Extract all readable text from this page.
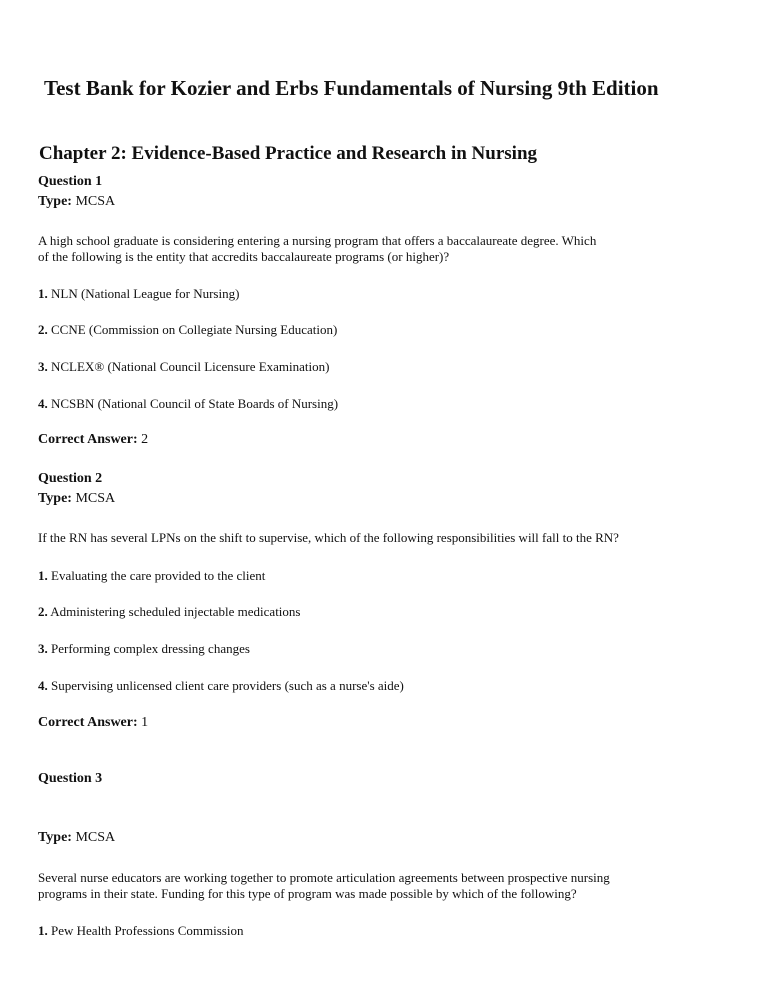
Test Bank for Kozier and Erbs Fundamentals of Nursing 9th Edition
Chapter 2: Evidence-Based Practice and Research in Nursing

Question 1

Type: MCSA

A high school graduate is considering entering a nursing program that offers a baccalaureate degree. Which

of the following is the entity that accredits baccalaureate programs (or higher)?

1. NLN (National League for Nursing)

2. CCNE (Commission on Collegiate Nursing Education)

3. NCLEX® (National Council Licensure Examination)

4. NCSBN (National Council of State Boards of Nursing)

Correct Answer: 2

Question 2

Type: MCSA

If the RN has several LPNs on the shift to supervise, which of the following responsibilities will fall to the RN?

1. Evaluating the care provided to the client

2. Administering scheduled injectable medications

3. Performing complex dressing changes

4. Supervising unlicensed client care providers (such as a nurse's aide)

Correct Answer: 1

Question 3

Type: MCSA

Several nurse educators are working together to promote articulation agreements between prospective nursing

programs in their state. Funding for this type of program was made possible by which of the following?

1. Pew Health Professions Commission
